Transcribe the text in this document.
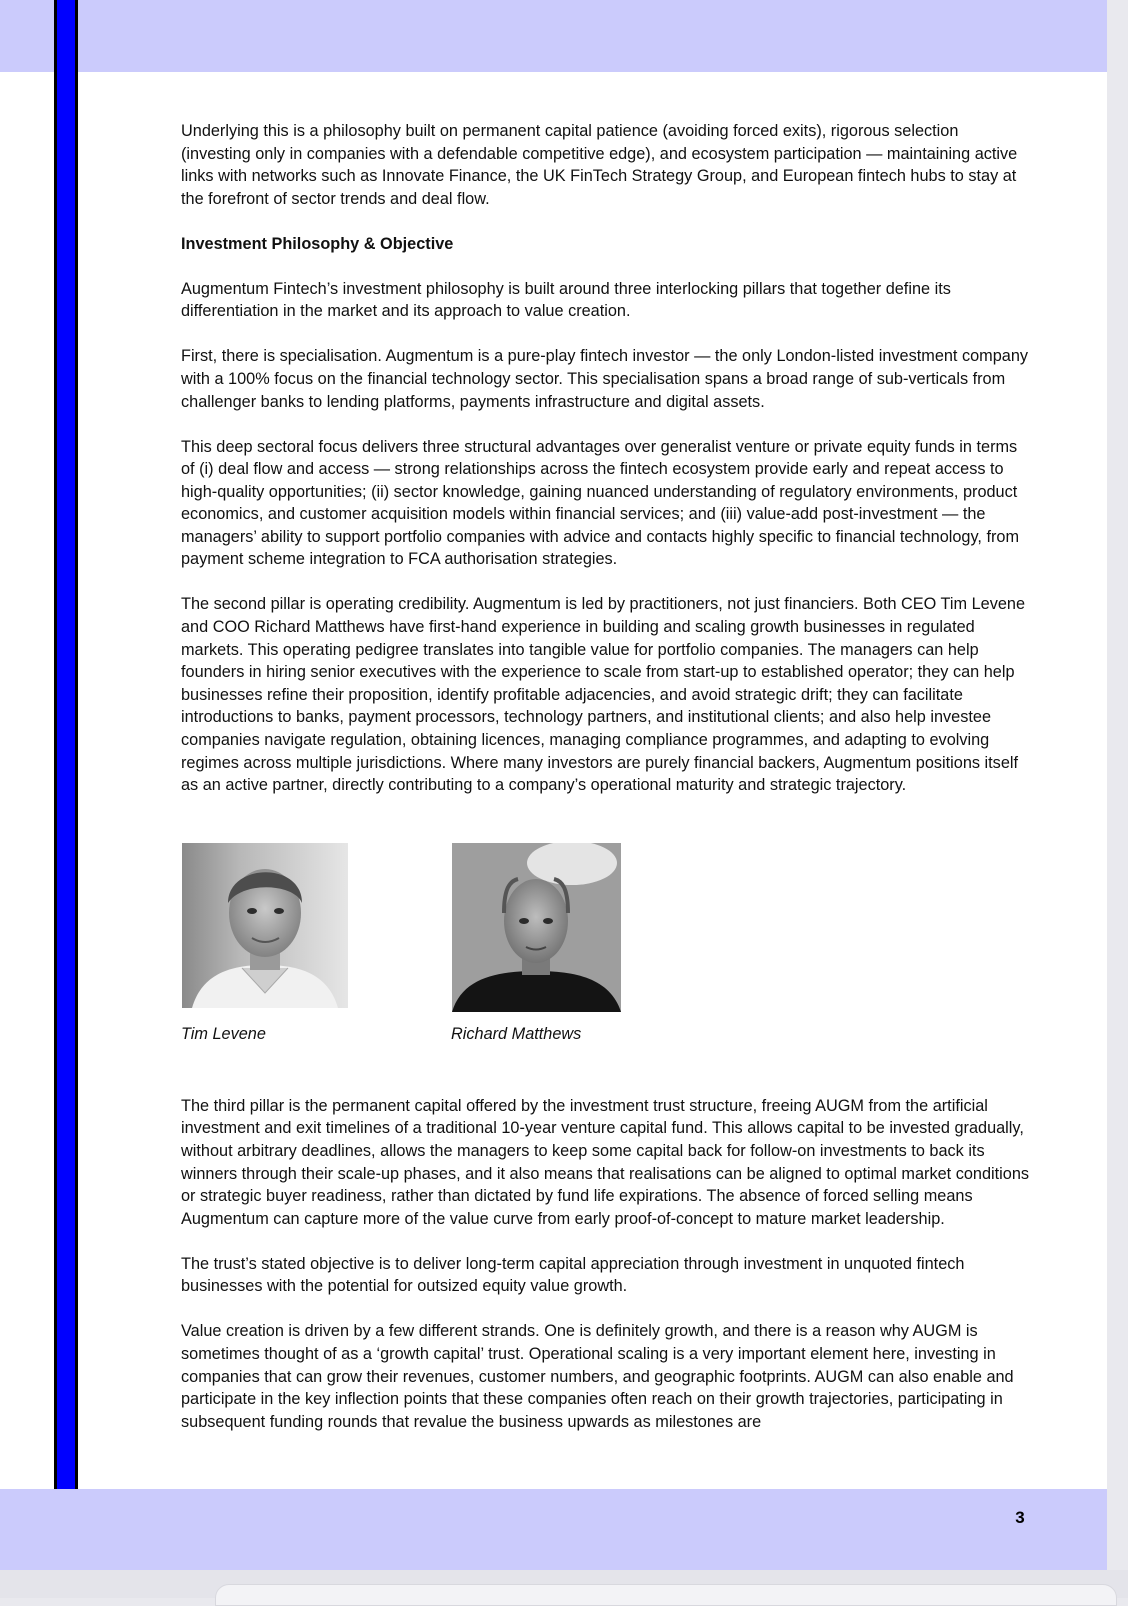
Underlying this is a philosophy built on permanent capital patience (avoiding forced exits), rigorous selection (investing only in companies with a defendable competitive edge), and ecosystem participation — maintaining active links with networks such as Innovate Finance, the UK FinTech Strategy Group, and European fintech hubs to stay at the forefront of sector trends and deal flow.

Investment Philosophy & Objective

Augmentum Fintech’s investment philosophy is built around three interlocking pillars that together define its differentiation in the market and its approach to value creation.

First, there is specialisation. Augmentum is a pure-play fintech investor — the only London-listed investment company with a 100% focus on the financial technology sector. This specialisation spans a broad range of sub-verticals from challenger banks to lending platforms, payments infrastructure and digital assets.

This deep sectoral focus delivers three structural advantages over generalist venture or private equity funds in terms of (i) deal flow and access — strong relationships across the fintech ecosystem provide early and repeat access to high-quality opportunities; (ii) sector knowledge, gaining nuanced understanding of regulatory environments, product economics, and customer acquisition models within financial services; and (iii) value-add post-investment — the managers’ ability to support portfolio companies with advice and contacts highly specific to financial technology, from payment scheme integration to FCA authorisation strategies.

The second pillar is operating credibility. Augmentum is led by practitioners, not just financiers. Both CEO Tim Levene and COO Richard Matthews have first-hand experience in building and scaling growth businesses in regulated markets. This operating pedigree translates into tangible value for portfolio companies. The managers can help founders in hiring senior executives with the experience to scale from start-up to established operator; they can help businesses refine their proposition, identify profitable adjacencies, and avoid strategic drift; they can facilitate introductions to banks, payment processors, technology partners, and institutional clients; and also help investee companies navigate regulation, obtaining licences, managing compliance programmes, and adapting to evolving regimes across multiple jurisdictions. Where many investors are purely financial backers, Augmentum positions itself as an active partner, directly contributing to a company’s operational maturity and strategic trajectory.

Tim Levene	Richard Matthews

The third pillar is the permanent capital offered by the investment trust structure, freeing AUGM from the artificial investment and exit timelines of a traditional 10-year venture capital fund. This allows capital to be invested gradually, without arbitrary deadlines, allows the managers to keep some capital back for follow-on investments to back its winners through their scale-up phases, and it also means that realisations can be aligned to optimal market conditions or strategic buyer readiness, rather than dictated by fund life expirations. The absence of forced selling means Augmentum can capture more of the value curve from early proof-of-concept to mature market leadership.

The trust’s stated objective is to deliver long-term capital appreciation through investment in unquoted fintech businesses with the potential for outsized equity value growth.

Value creation is driven by a few different strands. One is definitely growth, and there is a reason why AUGM is sometimes thought of as a ‘growth capital’ trust. Operational scaling is a very important element here, investing in companies that can grow their revenues, customer numbers, and geographic footprints. AUGM can also enable and participate in the key inflection points that these companies often reach on their growth trajectories, participating in subsequent funding rounds that revalue the business upwards as milestones are

3
